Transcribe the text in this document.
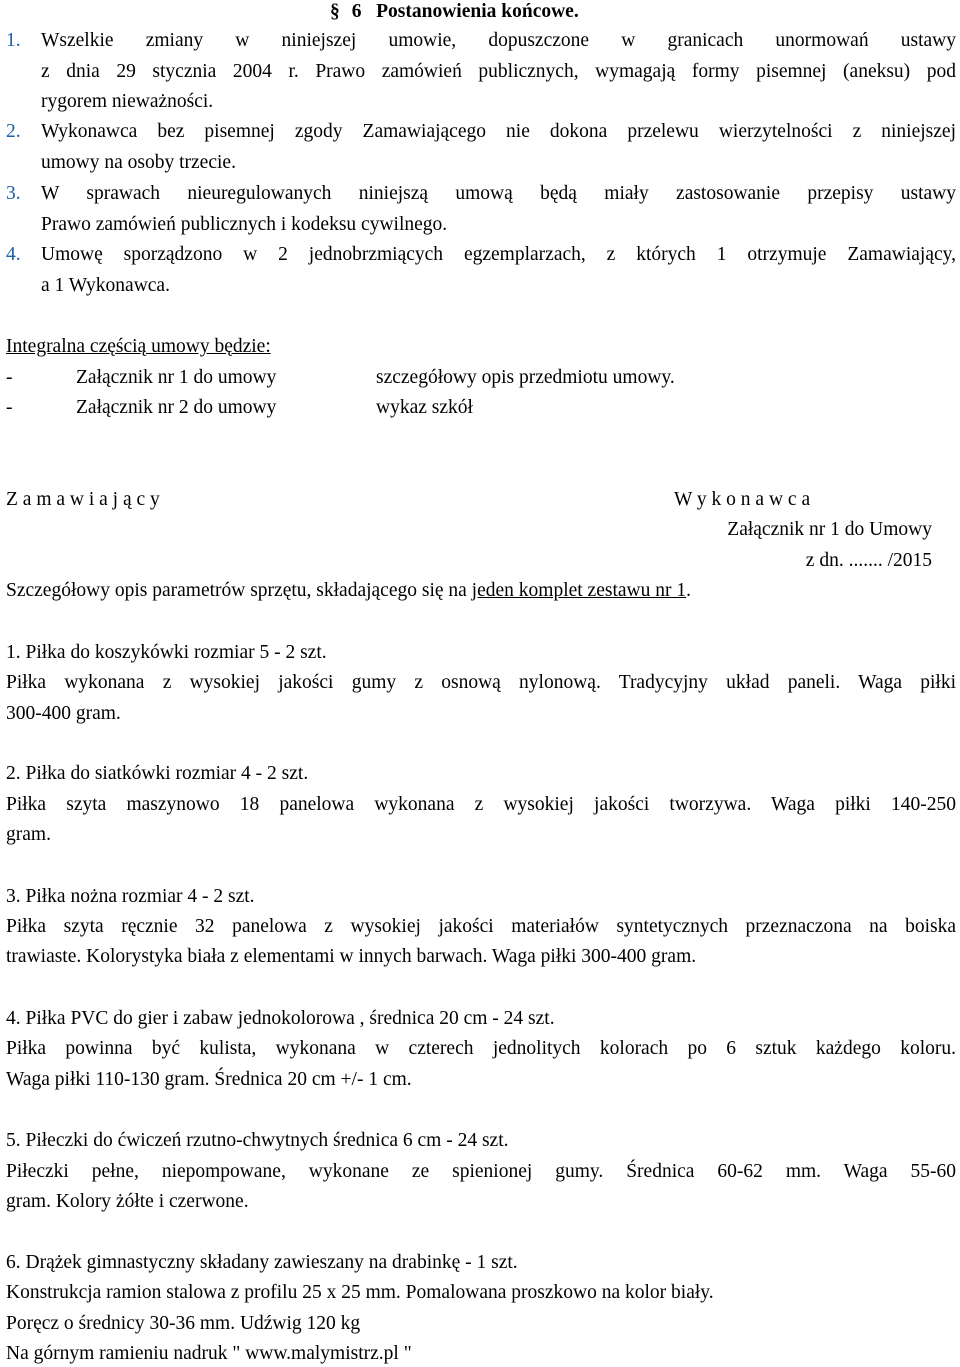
§ 6 Postanowienia końcowe.
1.	Wszelkie zmiany w niniejszej umowie, dopuszczone w granicach unormowań ustawy
z dnia 29 stycznia 2004 r. Prawo zamówień publicznych, wymagają formy pisemnej (aneksu) pod
rygorem nieważności.
2.	Wykonawca bez pisemnej zgody Zamawiającego nie dokona przelewu wierzytelności z niniejszej
umowy na osoby trzecie.
3.	W sprawach nieuregulowanych niniejszą umową będą miały zastosowanie przepisy ustawy
Prawo zamówień publicznych i kodeksu cywilnego.
4.	Umowę sporządzono w 2 jednobrzmiących egzemplarzach, z których 1 otrzymuje Zamawiający,
a 1 Wykonawca.
Integralna częścią umowy będzie:
-	Załącznik nr 1 do umowy	szczegółowy opis przedmiotu umowy.
-	Załącznik nr 2 do umowy	wykaz szkół
Z a m a w i a j ą c y	W y k o n a w c a
Załącznik nr 1 do Umowy
z dn. ....... /2015
Szczegółowy opis parametrów sprzętu, składającego się na jeden komplet zestawu nr 1.
1. Piłka do koszykówki rozmiar 5 - 2 szt.
Piłka wykonana z wysokiej jakości gumy z osnową nylonową. Tradycyjny układ paneli. Waga piłki
300-400 gram.
2. Piłka do siatkówki rozmiar 4 - 2 szt.
Piłka szyta maszynowo 18 panelowa wykonana z wysokiej jakości tworzywa. Waga piłki 140-250
gram.
3. Piłka nożna rozmiar 4 - 2 szt.
Piłka szyta ręcznie 32 panelowa z wysokiej jakości materiałów syntetycznych przeznaczona na boiska
trawiaste. Kolorystyka biała z elementami w innych barwach. Waga piłki 300-400 gram.
4. Piłka PVC do gier i zabaw jednokolorowa , średnica 20 cm - 24 szt.
Piłka powinna być kulista, wykonana w czterech jednolitych kolorach po 6 sztuk każdego koloru.
Waga piłki 110-130 gram. Średnica 20 cm +/- 1 cm.
5. Piłeczki do ćwiczeń rzutno-chwytnych średnica 6 cm - 24 szt.
Piłeczki pełne, niepompowane, wykonane ze spienionej gumy. Średnica 60-62 mm. Waga 55-60
gram. Kolory żółte i czerwone.
6. Drążek gimnastyczny składany zawieszany na drabinkę - 1 szt.
Konstrukcja ramion stalowa z profilu 25 x 25 mm. Pomalowana proszkowo na kolor biały.
Poręcz o średnicy 30-36 mm. Udźwig 120 kg
Na górnym ramieniu nadruk " www.malymistrz.pl "
